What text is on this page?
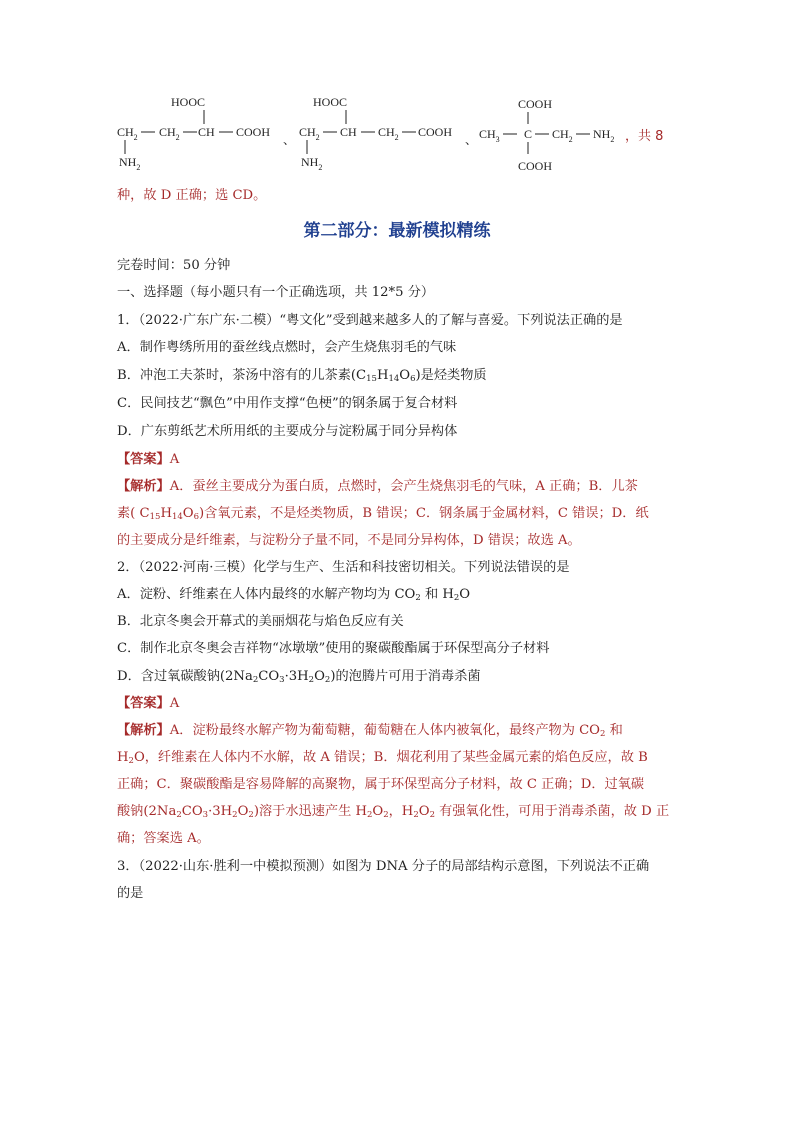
HOOC
$CH_2$ $CH_2$ CH COOH
$NH_2$
、
HOOC
$CH_2$ CH $CH_2$ COOH
$NH_2$
、
COOH
$CH_3$ C $CH_2$ $NH_2$
COOH
，共 8
种，故 D 正确；选 CD。
第二部分：最新模拟精练
完卷时间：50 分钟
一、选择题（每小题只有一个正确选项，共 12*5 分）
1．（2022·广东广东·二模）“粤文化”受到越来越多人的了解与喜爱。下列说法正确的是
A．制作粤绣所用的蚕丝线点燃时，会产生烧焦羽毛的气味
B．冲泡工夫茶时，茶汤中溶有的儿茶素$(C_{15}H_{14}O_6)$是烃类物质
C．民间技艺“飘色”中用作支撑“色梗”的钢条属于复合材料
D．广东剪纸艺术所用纸的主要成分与淀粉属于同分异构体
【答案】A
【解析】A．蚕丝主要成分为蛋白质，点燃时，会产生烧焦羽毛的气味，A 正确；B．儿茶
素( $C_{15}H_{14}O_6$)含氧元素，不是烃类物质，B 错误；C．钢条属于金属材料，C 错误；D．纸
的主要成分是纤维素，与淀粉分子量不同，不是同分异构体，D 错误；故选 A。
2．（2022·河南·三模）化学与生产、生活和科技密切相关。下列说法错误的是
A．淀粉、纤维素在人体内最终的水解产物均为 $CO_2$ 和 $H_2O$
B．北京冬奥会开幕式的美丽烟花与焰色反应有关
C．制作北京冬奥会吉祥物“冰墩墩”使用的聚碳酸酯属于环保型高分子材料
D．含过氧碳酸钠$(2Na_2CO_3\cdot 3H_2O_2)$的泡腾片可用于消毒杀菌
【答案】A
【解析】A．淀粉最终水解产物为葡萄糖，葡萄糖在人体内被氧化，最终产物为 $CO_2$ 和
$H_2O$，纤维素在人体内不水解，故 A 错误；B．烟花利用了某些金属元素的焰色反应，故 B
正确；C．聚碳酸酯是容易降解的高聚物，属于环保型高分子材料，故 C 正确；D．过氧碳
酸钠$(2Na_2CO_3\cdot 3H_2O_2)$溶于水迅速产生 $H_2O_2$，$H_2O_2$ 有强氧化性，可用于消毒杀菌，故 D 正
确；答案选 A。
3．（2022·山东·胜利一中模拟预测）如图为 DNA 分子的局部结构示意图，下列说法不正确
的是
